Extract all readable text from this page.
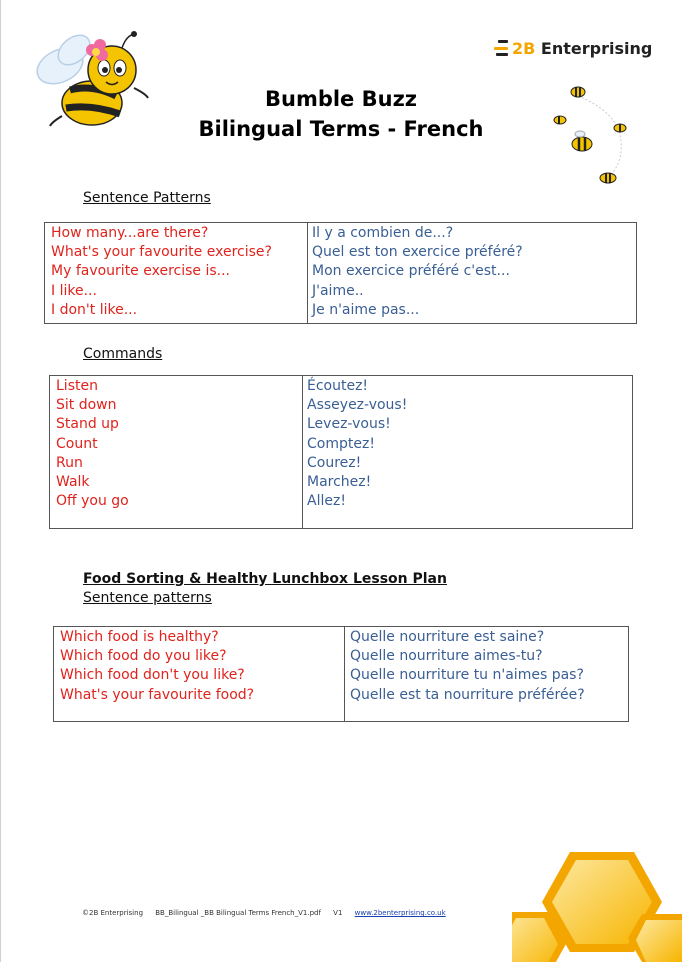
2B Enterprising
Bumble Buzz
Bilingual Terms - French
Sentence Patterns
How many...are there?
What's your favourite exercise?
My favourite exercise is...
I like...
I don't like...
Il y a combien de...?
Quel est ton exercice préféré?
Mon exercice préféré c'est...
J'aime..
Je n'aime pas...
Commands
Listen
Sit down
Stand up
Count
Run
Walk
Off you go
Écoutez!
Asseyez-vous!
Levez-vous!
Comptez!
Courez!
Marchez!
Allez!
Food Sorting & Healthy Lunchbox Lesson Plan
Sentence patterns
Which food is healthy?
Which food do you like?
Which food don't you like?
What's your favourite food?
Quelle nourriture est saine?
Quelle nourriture aimes-tu?
Quelle nourriture tu n'aimes pas?
Quelle est ta nourriture préférée?
©2B Enterprising BB_Bilingual _BB Bilingual Terms French_V1.pdf V1 www.2benterprising.co.uk
